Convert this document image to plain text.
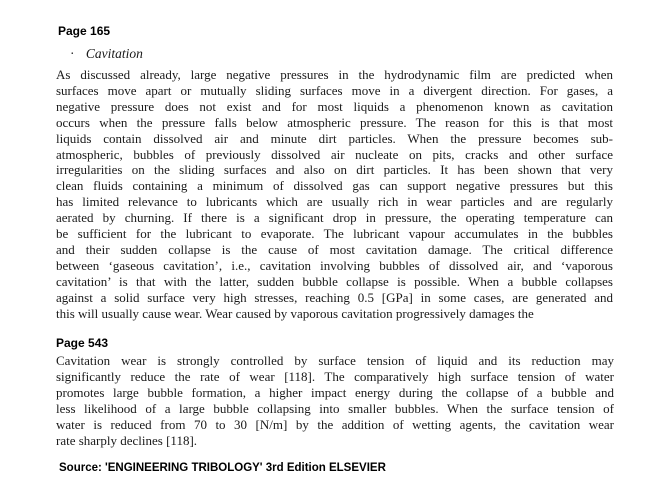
Page 165
· Cavitation
As discussed already, large negative pressures in the hydrodynamic film are predicted when
surfaces move apart or mutually sliding surfaces move in a divergent direction. For gases, a
negative pressure does not exist and for most liquids a phenomenon known as cavitation
occurs when the pressure falls below atmospheric pressure. The reason for this is that most
liquids contain dissolved air and minute dirt particles. When the pressure becomes sub-
atmospheric, bubbles of previously dissolved air nucleate on pits, cracks and other surface
irregularities on the sliding surfaces and also on dirt particles. It has been shown that very
clean fluids containing a minimum of dissolved gas can support negative pressures but this
has limited relevance to lubricants which are usually rich in wear particles and are regularly
aerated by churning. If there is a significant drop in pressure, the operating temperature can
be sufficient for the lubricant to evaporate. The lubricant vapour accumulates in the bubbles
and their sudden collapse is the cause of most cavitation damage. The critical difference
between ‘gaseous cavitation’, i.e., cavitation involving bubbles of dissolved air, and ‘vaporous
cavitation’ is that with the latter, sudden bubble collapse is possible. When a bubble collapses
against a solid surface very high stresses, reaching 0.5 [GPa] in some cases, are generated and
this will usually cause wear. Wear caused by vaporous cavitation progressively damages the
Page 543
Cavitation wear is strongly controlled by surface tension of liquid and its reduction may
significantly reduce the rate of wear [118]. The comparatively high surface tension of water
promotes large bubble formation, a higher impact energy during the collapse of a bubble and
less likelihood of a large bubble collapsing into smaller bubbles. When the surface tension of
water is reduced from 70 to 30 [N/m] by the addition of wetting agents, the cavitation wear
rate sharply declines [118].
Source: 'ENGINEERING TRIBOLOGY' 3rd Edition ELSEVIER
